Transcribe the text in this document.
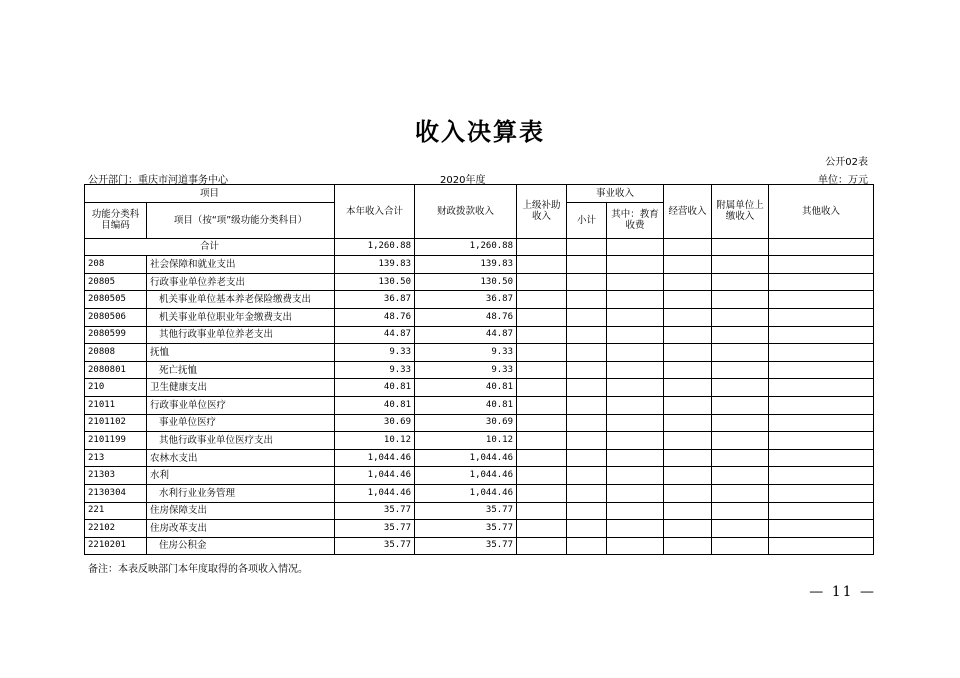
收入决算表
公开02表
公开部门：重庆市河道事务中心	2020年度	单位：万元
项目		本年收入合计	财政拨款收入	上级补助收入	事业收入		经营收入	附属单位上缴收入	其他收入
功能分类科目编码	项目（按“项”级功能分类科目）				小计	其中：教育收费			
合计		1,260.88	1,260.88						
208	社会保障和就业支出	139.83	139.83						
20805	行政事业单位养老支出	130.50	130.50						
2080505	机关事业单位基本养老保险缴费支出	36.87	36.87						
2080506	机关事业单位职业年金缴费支出	48.76	48.76						
2080599	其他行政事业单位养老支出	44.87	44.87						
20808	抚恤	9.33	9.33						
2080801	死亡抚恤	9.33	9.33						
210	卫生健康支出	40.81	40.81						
21011	行政事业单位医疗	40.81	40.81						
2101102	事业单位医疗	30.69	30.69						
2101199	其他行政事业单位医疗支出	10.12	10.12						
213	农林水支出	1,044.46	1,044.46						
21303	水利	1,044.46	1,044.46						
2130304	水利行业业务管理	1,044.46	1,044.46						
221	住房保障支出	35.77	35.77						
22102	住房改革支出	35.77	35.77						
2210201	住房公积金	35.77	35.77						
备注：本表反映部门本年度取得的各项收入情况。
— 11 —
